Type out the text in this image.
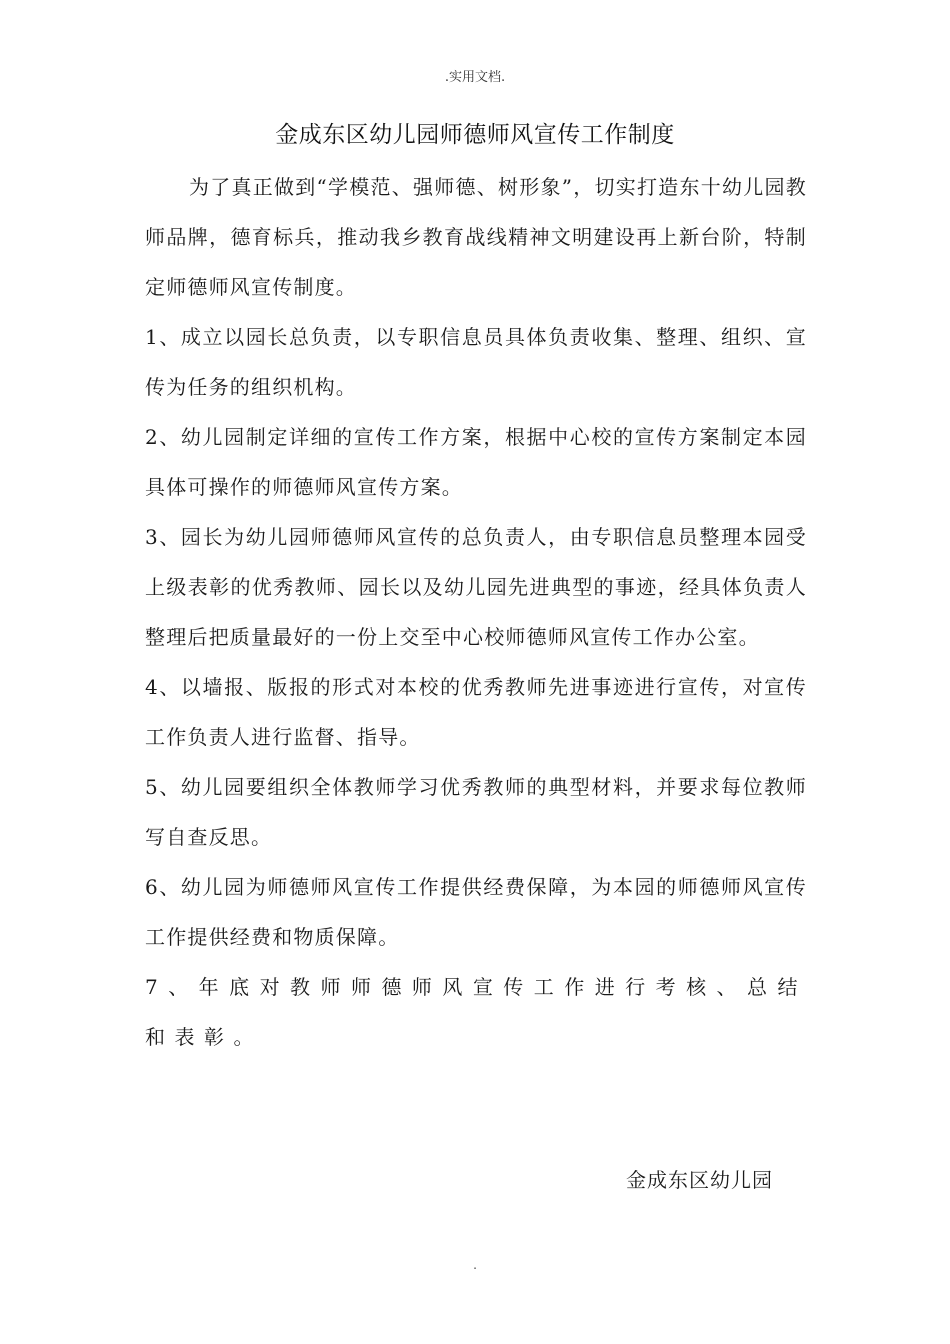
.实用文档.
金成东区幼儿园师德师风宣传工作制度

为了真正做到“学模范、强师德、树形象”，切实打造东十幼儿园教师品牌，德育标兵，推动我乡教育战线精神文明建设再上新台阶，特制定师德师风宣传制度。

1、成立以园长总负责，以专职信息员具体负责收集、整理、组织、宣传为任务的组织机构。

2、幼儿园制定详细的宣传工作方案，根据中心校的宣传方案制定本园具体可操作的师德师风宣传方案。

3、园长为幼儿园师德师风宣传的总负责人，由专职信息员整理本园受上级表彰的优秀教师、园长以及幼儿园先进典型的事迹，经具体负责人整理后把质量最好的一份上交至中心校师德师风宣传工作办公室。

4、以墙报、版报的形式对本校的优秀教师先进事迹进行宣传，对宣传工作负责人进行监督、指导。

5、幼儿园要组织全体教师学习优秀教师的典型材料，并要求每位教师写自查反思。

6、幼儿园为师德师风宣传工作提供经费保障，为本园的师德师风宣传工作提供经费和物质保障。

7、年底对教师师德师风宣传工作进行考核、总结和表彰。

金成东区幼儿园
.
